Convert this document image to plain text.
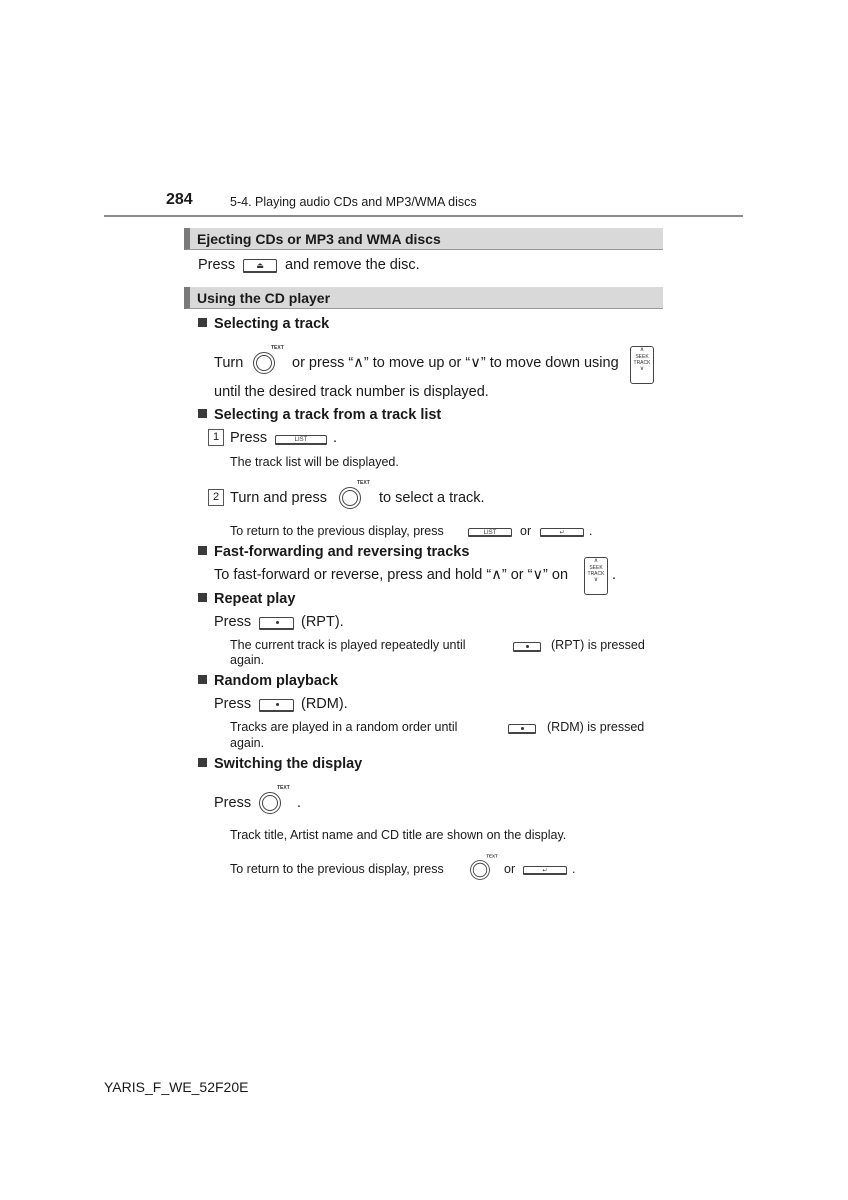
284	5-4. Playing audio CDs and MP3/WMA discs
Ejecting CDs or MP3 and WMA discs
Press	⏏	and remove the disc.
Using the CD player
Selecting a track
Turn
TEXT
or press “∧” to move up or “∨” to move down using
∧
SEEK
TRACK
∨
until the desired track number is displayed.
Selecting a track from a track list
1 Press	LIST	.
The track list will be displayed.
2 Turn and press
TEXT
to select a track.
To return to the previous display, press	LIST	or	↵	.
Fast-forwarding and reversing tracks
To fast-forward or reverse, press and hold “∧” or “∨” on
∧
SEEK
TRACK
∨ .
Repeat play
Press	(RPT).
The current track is played repeatedly until	(RPT) is pressed
again.
Random playback
Press	(RDM).
Tracks are played in a random order until	(RDM) is pressed
again.
Switching the display
Press
TEXT
.
Track title, Artist name and CD title are shown on the display.
To return to the previous display, press
TEXT
or	↵	.
YARIS_F_WE_52F20E
